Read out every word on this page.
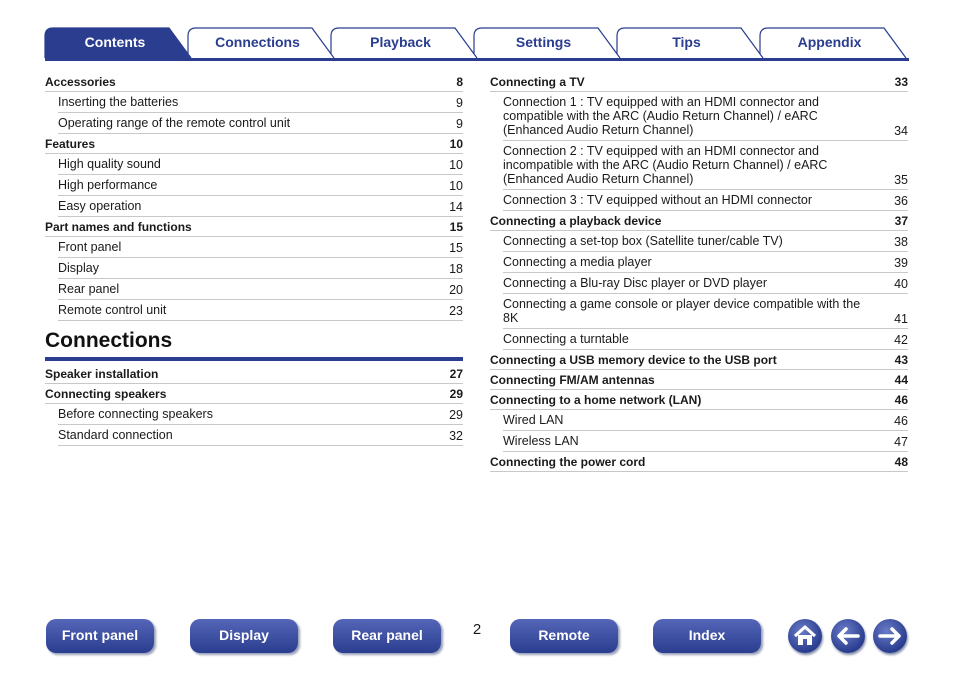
Contents	Connections	Playback	Settings	Tips	Appendix
Accessories	8
Inserting the batteries	9
Operating range of the remote control unit	9
Features	10
High quality sound	10
High performance	10
Easy operation	14
Part names and functions	15
Front panel	15
Display	18
Rear panel	20
Remote control unit	23
Connections
Speaker installation	27
Connecting speakers	29
Before connecting speakers	29
Standard connection	32
Connecting a TV	33
Connection 1 : TV equipped with an HDMI connector and compatible with the ARC (Audio Return Channel) / eARC (Enhanced Audio Return Channel)	34
Connection 2 : TV equipped with an HDMI connector and incompatible with the ARC (Audio Return Channel) / eARC (Enhanced Audio Return Channel)	35
Connection 3 : TV equipped without an HDMI connector	36
Connecting a playback device	37
Connecting a set-top box (Satellite tuner/cable TV)	38
Connecting a media player	39
Connecting a Blu-ray Disc player or DVD player	40
Connecting a game console or player device compatible with the 8K	41
Connecting a turntable	42
Connecting a USB memory device to the USB port	43
Connecting FM/AM antennas	44
Connecting to a home network (LAN)	46
Wired LAN	46
Wireless LAN	47
Connecting the power cord	48
Front panel	Display	Rear panel	2	Remote	Index
